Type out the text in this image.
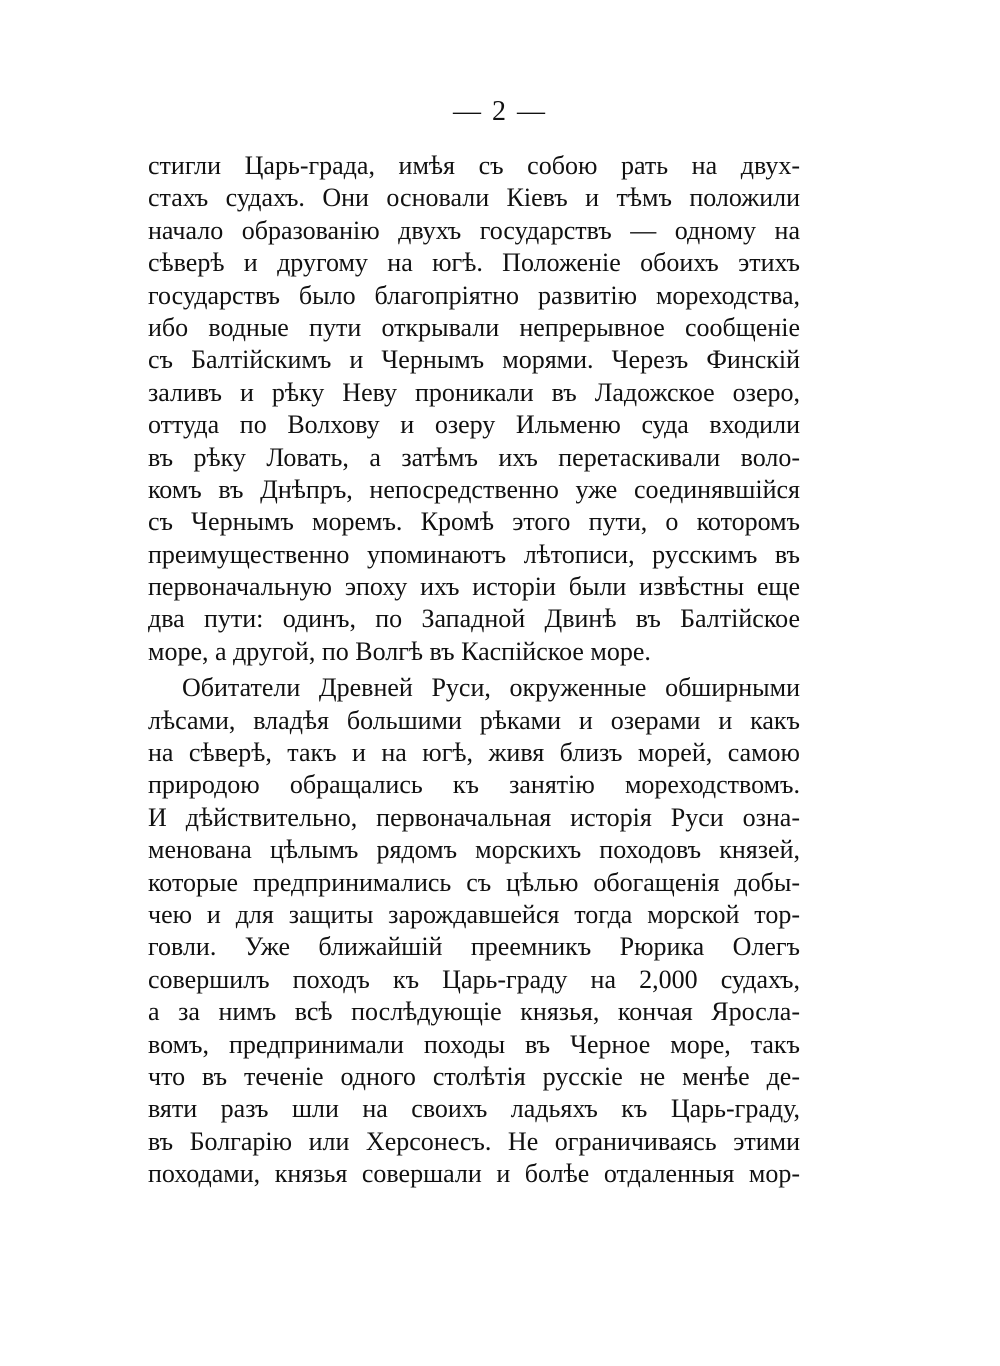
— 2 —
стигли Царь-града, имѣя съ собою рать на двух-
стахъ судахъ. Они основали Кіевъ и тѣмъ положили
начало образованію двухъ государствъ — одному на
сѣверѣ и другому на югѣ. Положеніе обоихъ этихъ
государствъ было благопріятно развитію мореходства,
ибо водные пути открывали непрерывное сообщеніе
съ Балтійскимъ и Чернымъ морями. Черезъ Финскій
заливъ и рѣку Неву проникали въ Ладожское озеро,
оттуда по Волхову и озеру Ильменю суда входили
въ рѣку Ловать, а затѣмъ ихъ перетаскивали воло-
комъ въ Днѣпръ, непосредственно уже соединявшійся
съ Чернымъ моремъ. Кромѣ этого пути, о которомъ
преимущественно упоминаютъ лѣтописи, русскимъ въ
первоначальную эпоху ихъ исторіи были извѣстны еще
два пути: одинъ, по Западной Двинѣ въ Балтійское
море, а другой, по Волгѣ въ Каспійское море.
Обитатели Древней Руси, окруженные обширными
лѣсами, владѣя большими рѣками и озерами и какъ
на сѣверѣ, такъ и на югѣ, живя близъ морей, самою
природою обращались къ занятію мореходствомъ.
И дѣйствительно, первоначальная исторія Руси озна-
менована цѣлымъ рядомъ морскихъ походовъ князей,
которые предпринимались съ цѣлью обогащенія добы-
чею и для защиты зарождавшейся тогда морской тор-
говли. Уже ближайшій преемникъ Рюрика Олегъ
совершилъ походъ къ Царь-граду на 2,000 судахъ,
а за нимъ всѣ послѣдующіе князья, кончая Яросла-
вомъ, предпринимали походы въ Черное море, такъ
что въ теченіе одного столѣтія русскіе не менѣе де-
вяти разъ шли на своихъ ладьяхъ къ Царь-граду,
въ Болгарію или Херсонесъ. Не ограничиваясь этими
походами, князья совершали и болѣе отдаленныя мор-
